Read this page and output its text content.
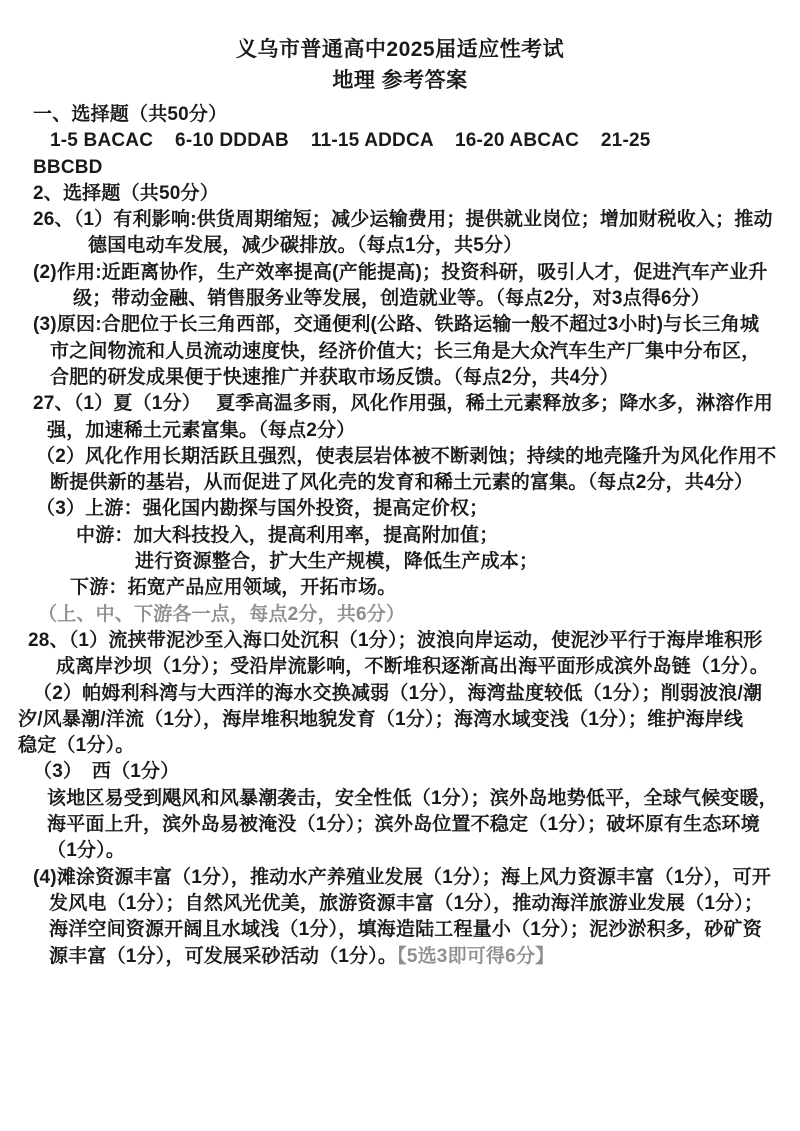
义乌市普通高中2025届适应性考试
地理 参考答案
一、选择题（共50分）
1-5 BACAC    6-10 DDDAB    11-15 ADDCA    16-20 ABCAC    21-25
BBCBD
2、选择题（共50分）
26、（1）有利影响:供货周期缩短；减少运输费用；提供就业岗位；增加财税收入；推动
德国电动车发展，减少碳排放。（每点1分，共5分）
(2)作用:近距离协作，生产效率提高(产能提高)；投资科研，吸引人才，促进汽车产业升
级；带动金融、销售服务业等发展，创造就业等。（每点2分，对3点得6分）
(3)原因:合肥位于长三角西部，交通便利(公路、铁路运输一般不超过3小时)与长三角城
市之间物流和人员流动速度快，经济价值大；长三角是大众汽车生产厂集中分布区，
合肥的研发成果便于快速推广并获取市场反馈。（每点2分，共4分）
27、（1）夏（1分）　 夏季高温多雨，风化作用强，稀土元素释放多；降水多，淋溶作用
强，加速稀土元素富集。（每点2分）
（2）风化作用长期活跃且强烈，使表层岩体被不断剥蚀；持续的地壳隆升为风化作用不
断提供新的基岩，从而促进了风化壳的发育和稀土元素的富集。（每点2分，共4分）
（3）上游：强化国内勘探与国外投资，提高定价权；
中游：加大科技投入，提高利用率，提高附加值；
进行资源整合，扩大生产规模，降低生产成本；
下游：拓宽产品应用领域，开拓市场。
（上、中、下游各一点，每点2分，共6分）
28、（1）流挟带泥沙至入海口处沉积（1分）；波浪向岸运动，使泥沙平行于海岸堆积形
成离岸沙坝（1分）；受沿岸流影响，不断堆积逐渐高出海平面形成滨外岛链（1分）。
（2）帕姆利科湾与大西洋的海水交换减弱（1分），海湾盐度较低（1分）；削弱波浪/潮
汐/风暴潮/洋流（1分），海岸堆积地貌发育（1分）；海湾水域变浅（1分）；维护海岸线
稳定（1分）。
（3）　西（1分）
该地区易受到飓风和风暴潮袭击，安全性低（1分）；滨外岛地势低平，全球气候变暖，
海平面上升，滨外岛易被淹没（1分）；滨外岛位置不稳定（1分）；破坏原有生态环境
（1分）。
(4)滩涂资源丰富（1分），推动水产养殖业发展（1分）；海上风力资源丰富（1分），可开
发风电（1分）；自然风光优美，旅游资源丰富（1分），推动海洋旅游业发展（1分）；
海洋空间资源开阔且水域浅（1分），填海造陆工程量小（1分）；泥沙淤积多，砂矿资
源丰富（1分），可发展采砂活动（1分）。【5选3即可得6分】
